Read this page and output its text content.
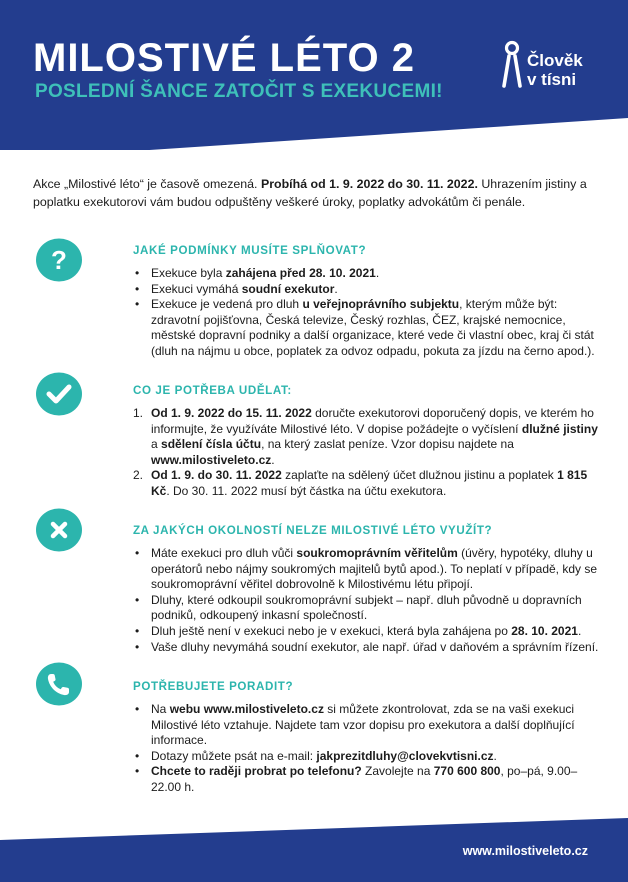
MILOSTIVÉ LÉTO 2

POSLEDNÍ ŠANCE ZATOČIT S EXEKUCEMI!

Člověk
v tísni

Akce „Milostivé léto“ je časově omezená. Probíhá od 1. 9. 2022 do 30. 11. 2022. Uhrazením jistiny a poplatku exekutorovi vám budou odpuštěny veškeré úroky, poplatky advokátům či penále.

?	JAKÉ PODMÍNKY MUSÍTE SPLŇOVAT?
• Exekuce byla zahájena před 28. 10. 2021.
• Exekuci vymáhá soudní exekutor.
• Exekuce je vedená pro dluh u veřejnoprávního subjektu, kterým může být: zdravotní pojišťovna, Česká televize, Český rozhlas, ČEZ, krajské nemocnice, městské dopravní podniky a další organizace, které vede či vlastní obec, kraj či stát (dluh na nájmu u obce, poplatek za odvoz odpadu, pokuta za jízdu na černo apod.).
CO JE POTŘEBA UDĚLAT:
1. Od 1. 9. 2022 do 15. 11. 2022 doručte exekutorovi doporučený dopis, ve kterém ho informujte, že využíváte Milostivé léto. V dopise požádejte o vyčíslení dlužné jistiny a sdělení čísla účtu, na který zaslat peníze. Vzor dopisu najdete na www.milostiveleto.cz.
2. Od 1. 9. do 30. 11. 2022 zaplaťte na sdělený účet dlužnou jistinu a poplatek 1 815 Kč. Do 30. 11. 2022 musí být částka na účtu exekutora.
ZA JAKÝCH OKOLNOSTÍ NELZE MILOSTIVÉ LÉTO VYUŽÍT?
• Máte exekuci pro dluh vůči soukromoprávním věřitelům (úvěry, hypotéky, dluhy u operátorů nebo nájmy soukromých majitelů bytů apod.). To neplatí v případě, kdy se soukromoprávní věřitel dobrovolně k Milostivému létu připojí.
• Dluhy, které odkoupil soukromoprávní subjekt – např. dluh původně u dopravních podniků, odkoupený inkasní společností.
• Dluh ještě není v exekuci nebo je v exekuci, která byla zahájena po 28. 10. 2021.
• Vaše dluhy nevymáhá soudní exekutor, ale např. úřad v daňovém a správním řízení.
POTŘEBUJETE PORADIT?
• Na webu www.milostiveleto.cz si můžete zkontrolovat, zda se na vaši exekuci Milostivé léto vztahuje. Najdete tam vzor dopisu pro exekutora a další doplňující informace.
• Dotazy můžete psát na e-mail: jakprezitdluhy@clovekvtisni.cz.
• Chcete to raději probrat po telefonu? Zavolejte na 770 600 800, po–pá, 9.00–22.00 h.
www.milostiveleto.cz
